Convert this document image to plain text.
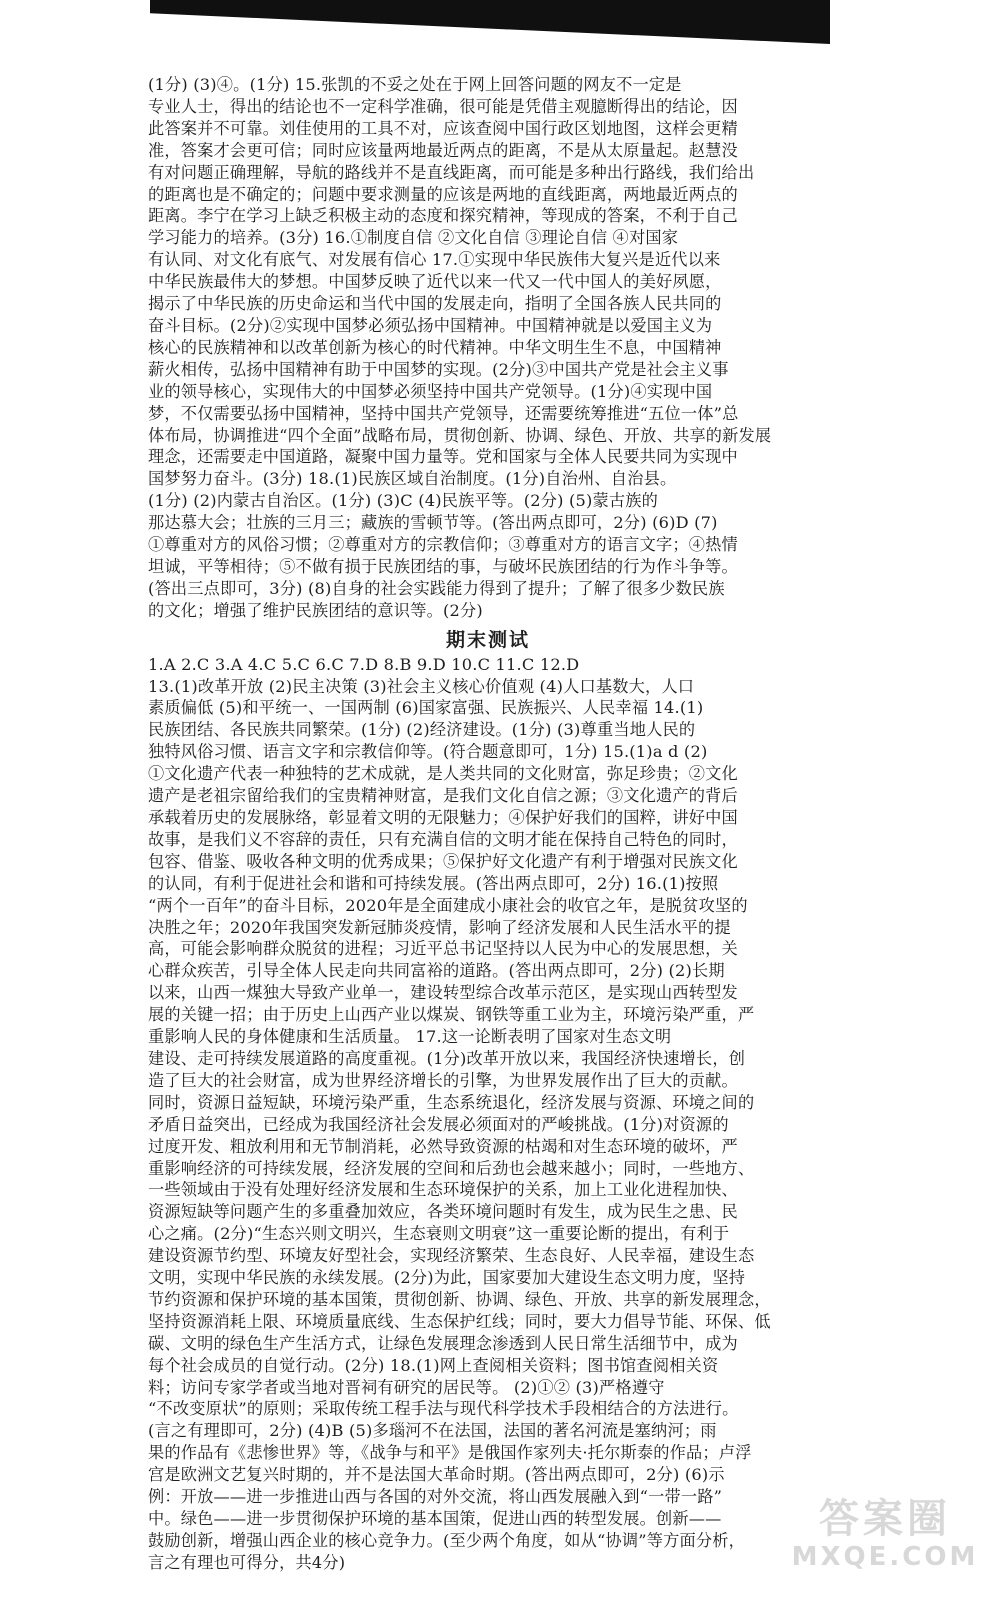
(1分) (3)④。(1分) 15.张凯的不妥之处在于网上回答问题的网友不一定是

专业人士，得出的结论也不一定科学准确，很可能是凭借主观臆断得出的结论，因

此答案并不可靠。刘佳使用的工具不对，应该查阅中国行政区划地图，这样会更精

准，答案才会更可信；同时应该量两地最近两点的距离，不是从太原量起。赵慧没

有对问题正确理解，导航的路线并不是直线距离，而可能是多种出行路线，我们给出

的距离也是不确定的；问题中要求测量的应该是两地的直线距离，两地最近两点的

距离。李宁在学习上缺乏积极主动的态度和探究精神，等现成的答案，不利于自己

学习能力的培养。(3分) 16.①制度自信 ②文化自信 ③理论自信 ④对国家

有认同、对文化有底气、对发展有信心 17.①实现中华民族伟大复兴是近代以来

中华民族最伟大的梦想。中国梦反映了近代以来一代又一代中国人的美好夙愿，

揭示了中华民族的历史命运和当代中国的发展走向，指明了全国各族人民共同的

奋斗目标。(2分)②实现中国梦必须弘扬中国精神。中国精神就是以爱国主义为

核心的民族精神和以改革创新为核心的时代精神。中华文明生生不息，中国精神

薪火相传，弘扬中国精神有助于中国梦的实现。(2分)③中国共产党是社会主义事

业的领导核心，实现伟大的中国梦必须坚持中国共产党领导。(1分)④实现中国

梦，不仅需要弘扬中国精神，坚持中国共产党领导，还需要统筹推进“五位一体”总

体布局，协调推进“四个全面”战略布局，贯彻创新、协调、绿色、开放、共享的新发展

理念，还需要走中国道路，凝聚中国力量等。党和国家与全体人民要共同为实现中

国梦努力奋斗。(3分) 18.(1)民族区域自治制度。(1分)自治州、自治县。

(1分) (2)内蒙古自治区。(1分) (3)C (4)民族平等。(2分) (5)蒙古族的

那达慕大会；壮族的三月三；藏族的雪顿节等。(答出两点即可，2分) (6)D (7)

①尊重对方的风俗习惯；②尊重对方的宗教信仰；③尊重对方的语言文字；④热情

坦诚，平等相待；⑤不做有损于民族团结的事，与破坏民族团结的行为作斗争等。

(答出三点即可，3分) (8)自身的社会实践能力得到了提升；了解了很多少数民族

的文化；增强了维护民族团结的意识等。(2分)

期末测试

1.A 2.C 3.A 4.C 5.C 6.C 7.D 8.B 9.D 10.C 11.C 12.D

13.(1)改革开放 (2)民主决策 (3)社会主义核心价值观 (4)人口基数大，人口

素质偏低 (5)和平统一、一国两制 (6)国家富强、民族振兴、人民幸福 14.(1)

民族团结、各民族共同繁荣。(1分) (2)经济建设。(1分) (3)尊重当地人民的

独特风俗习惯、语言文字和宗教信仰等。(符合题意即可，1分) 15.(1)a d (2)

①文化遗产代表一种独特的艺术成就，是人类共同的文化财富，弥足珍贵；②文化

遗产是老祖宗留给我们的宝贵精神财富，是我们文化自信之源；③文化遗产的背后

承载着历史的发展脉络，彰显着文明的无限魅力；④保护好我们的国粹，讲好中国

故事，是我们义不容辞的责任，只有充满自信的文明才能在保持自己特色的同时，

包容、借鉴、吸收各种文明的优秀成果；⑤保护好文化遗产有利于增强对民族文化

的认同，有利于促进社会和谐和可持续发展。(答出两点即可，2分) 16.(1)按照

“两个一百年”的奋斗目标，2020年是全面建成小康社会的收官之年，是脱贫攻坚的

决胜之年；2020年我国突发新冠肺炎疫情，影响了经济发展和人民生活水平的提

高，可能会影响群众脱贫的进程；习近平总书记坚持以人民为中心的发展思想，关

心群众疾苦，引导全体人民走向共同富裕的道路。(答出两点即可，2分) (2)长期

以来，山西一煤独大导致产业单一，建设转型综合改革示范区，是实现山西转型发

展的关键一招；由于历史上山西产业以煤炭、钢铁等重工业为主，环境污染严重，严

重影响人民的身体健康和生活质量。 17.这一论断表明了国家对生态文明

建设、走可持续发展道路的高度重视。(1分)改革开放以来，我国经济快速增长，创

造了巨大的社会财富，成为世界经济增长的引擎，为世界发展作出了巨大的贡献。

同时，资源日益短缺，环境污染严重，生态系统退化，经济发展与资源、环境之间的

矛盾日益突出，已经成为我国经济社会发展必须面对的严峻挑战。(1分)对资源的

过度开发、粗放利用和无节制消耗，必然导致资源的枯竭和对生态环境的破坏，严

重影响经济的可持续发展，经济发展的空间和后劲也会越来越小；同时，一些地方、

一些领域由于没有处理好经济发展和生态环境保护的关系，加上工业化进程加快、

资源短缺等问题产生的多重叠加效应，各类环境问题时有发生，成为民生之患、民

心之痛。(2分)“生态兴则文明兴，生态衰则文明衰”这一重要论断的提出，有利于

建设资源节约型、环境友好型社会，实现经济繁荣、生态良好、人民幸福，建设生态

文明，实现中华民族的永续发展。(2分)为此，国家要加大建设生态文明力度，坚持

节约资源和保护环境的基本国策，贯彻创新、协调、绿色、开放、共享的新发展理念，

坚持资源消耗上限、环境质量底线、生态保护红线；同时，要大力倡导节能、环保、低

碳、文明的绿色生产生活方式，让绿色发展理念渗透到人民日常生活细节中，成为

每个社会成员的自觉行动。(2分) 18.(1)网上查阅相关资料；图书馆查阅相关资

料；访问专家学者或当地对晋祠有研究的居民等。 (2)①② (3)严格遵守

“不改变原状”的原则；采取传统工程手法与现代科学技术手段相结合的方法进行。

(言之有理即可，2分) (4)B (5)多瑙河不在法国，法国的著名河流是塞纳河；雨

果的作品有《悲惨世界》等，《战争与和平》是俄国作家列夫·托尔斯泰的作品；卢浮

宫是欧洲文艺复兴时期的，并不是法国大革命时期。(答出两点即可，2分) (6)示

例：开放——进一步推进山西与各国的对外交流，将山西发展融入到“一带一路”

中。绿色——进一步贯彻保护环境的基本国策，促进山西的转型发展。创新——

鼓励创新，增强山西企业的核心竞争力。(至少两个角度，如从“协调”等方面分析，

言之有理也可得分，共4分)

答案圈
MXQE.COM
